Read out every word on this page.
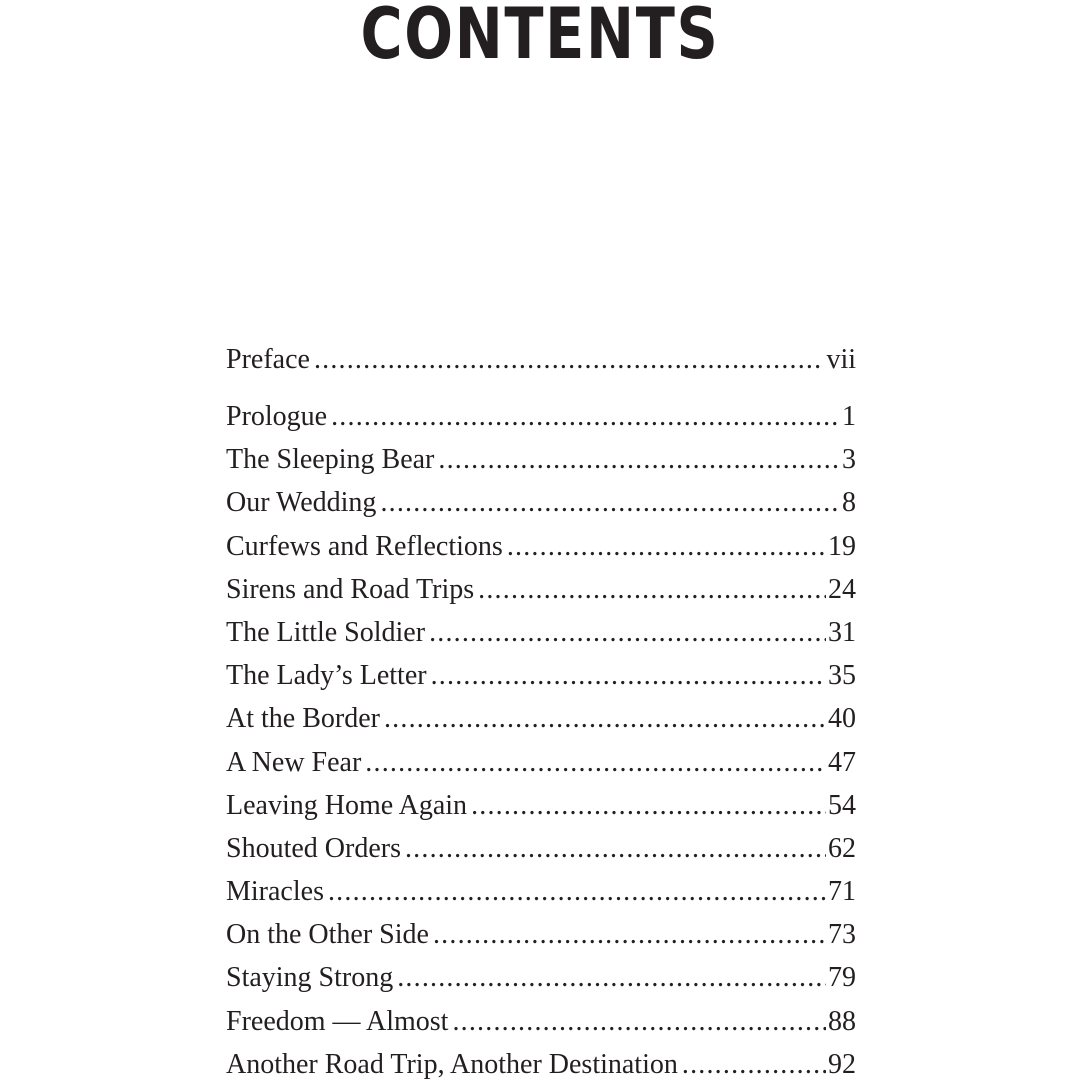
CONTENTS
Preface .....	vii
Prologue .....	1
The Sleeping Bear .....	3
Our Wedding .....	8
Curfews and Reflections .....	19
Sirens and Road Trips .....	24
The Little Soldier .....	31
The Lady’s Letter .....	35
At the Border .....	40
A New Fear .....	47
Leaving Home Again .....	54
Shouted Orders .....	62
Miracles .....	71
On the Other Side .....	73
Staying Strong .....	79
Freedom — Almost .....	88
Another Road Trip, Another Destination .....	92
